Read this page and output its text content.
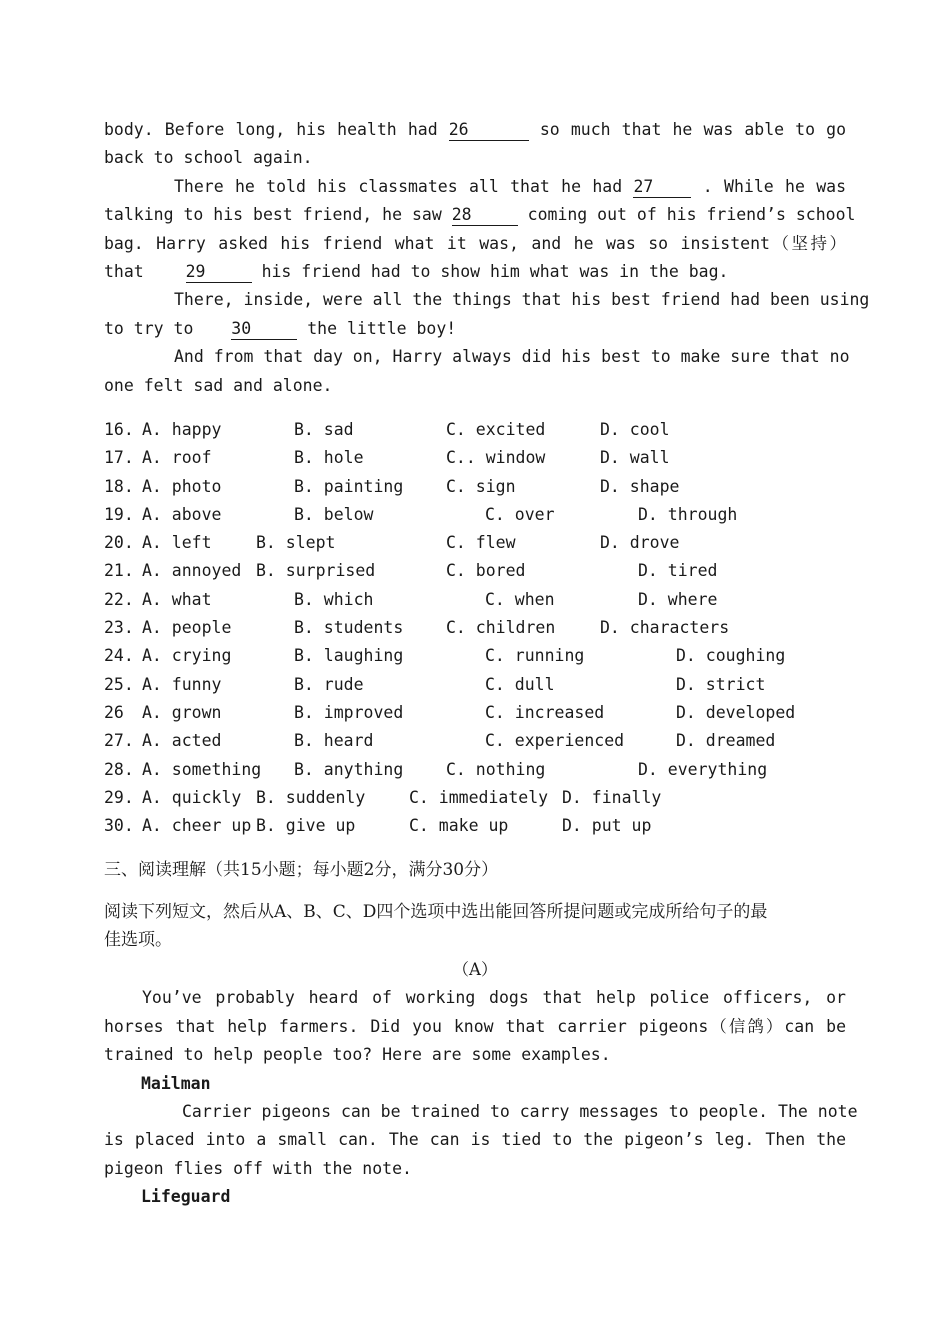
body. Before long, his health had 26	so much that he was able to go
back to school again.
There he told his classmates all that he had 27	. While he was
talking to his best friend, he saw 28	coming out of his friend’s school
bag. Harry asked his friend what it was, and he was so insistent（坚持）
that	29	his friend had to show him what was in the bag.
There, inside, were all the things that his best friend had been using
to try to 30	the little boy!
And from that day on, Harry always did his best to make sure that no
one felt sad and alone.
16. A. happy	B. sad	C. excited	D. cool
17. A. roof	B. hole	C.. window	D. wall
18. A. photo	B. painting	C. sign	D. shape
19. A. above	B. below	C. over	D. through
20. A. left	B. slept	C. flew	D. drove
21. A. annoyed B. surprised	C. bored	D. tired
22. A. what	B. which	C. when	D. where
23. A. people	B. students	C. children	D. characters
24. A. crying	B. laughing	C. running	D. coughing
25. A. funny	B. rude	C. dull	D. strict
26 A. grown	B. improved	C. increased	D. developed
27. A. acted	B. heard	C. experienced	D. dreamed
28. A. something B. anything	C. nothing	D. everything
29. A. quickly B. suddenly	C. immediately D. finally
30. A. cheer up B. give up	C. make up	D. put up
三、阅读理解（共15小题；每小题2分，满分30分）
阅读下列短文，然后从A、B、C、D四个选项中选出能回答所提问题或完成所给句子的最
佳选项。
（A）
You’ve probably heard of working dogs that help police officers, or
horses that help farmers. Did you know that carrier pigeons（信鸽）can be
trained to help people too? Here are some examples.
Mailman
Carrier pigeons can be trained to carry messages to people. The note
is placed into a small can. The can is tied to the pigeon’s leg. Then the
pigeon flies off with the note.
Lifeguard
